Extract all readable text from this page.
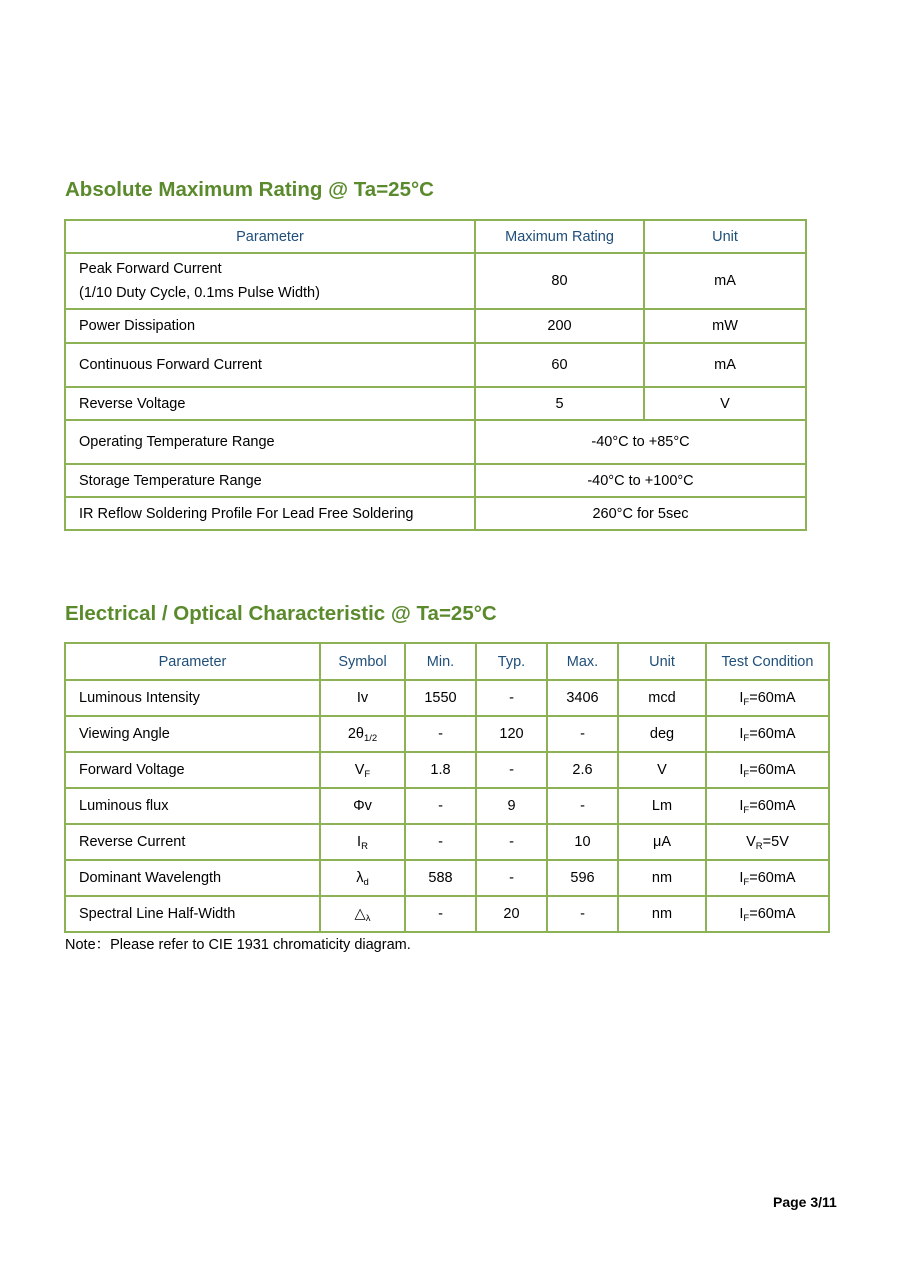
Absolute Maximum Rating @ Ta=25°C
Parameter	Maximum Rating	Unit

Peak Forward Current
(1/10 Duty Cycle, 0.1ms Pulse Width)	80	mA
Power Dissipation	200	mW
Continuous Forward Current	60	mA
Reverse Voltage	5	V
Operating Temperature Range	-40°C to +85°C	
Storage Temperature Range	-40°C to +100°C	
IR Reflow Soldering Profile For Lead Free Soldering	260°C for 5sec	
Electrical / Optical Characteristic @ Ta=25°C
Parameter	Symbol	Min.	Typ.	Max.	Unit	Test Condition
Luminous Intensity	Iv	1550	-	3406	mcd	$I_F=60mA$
Viewing Angle	$2\theta_{1/2}$	-	120	-	deg	$I_F=60mA$
Forward Voltage	$V_F$	1.8	-	2.6	V	$I_F=60mA$
Luminous flux	Φv	-	9	-	Lm	$I_F=60mA$
Reverse Current	$I_R$	-	-	10	μA	$V_R=5V$
Dominant Wavelength	$\lambda_d$	588	-	596	nm	$I_F=60mA$
Spectral Line Half-Width	$\triangle_\lambda$	-	20	-	nm	$I_F=60mA$

Note：Please refer to CIE 1931 chromaticity diagram.

Page 3/11
